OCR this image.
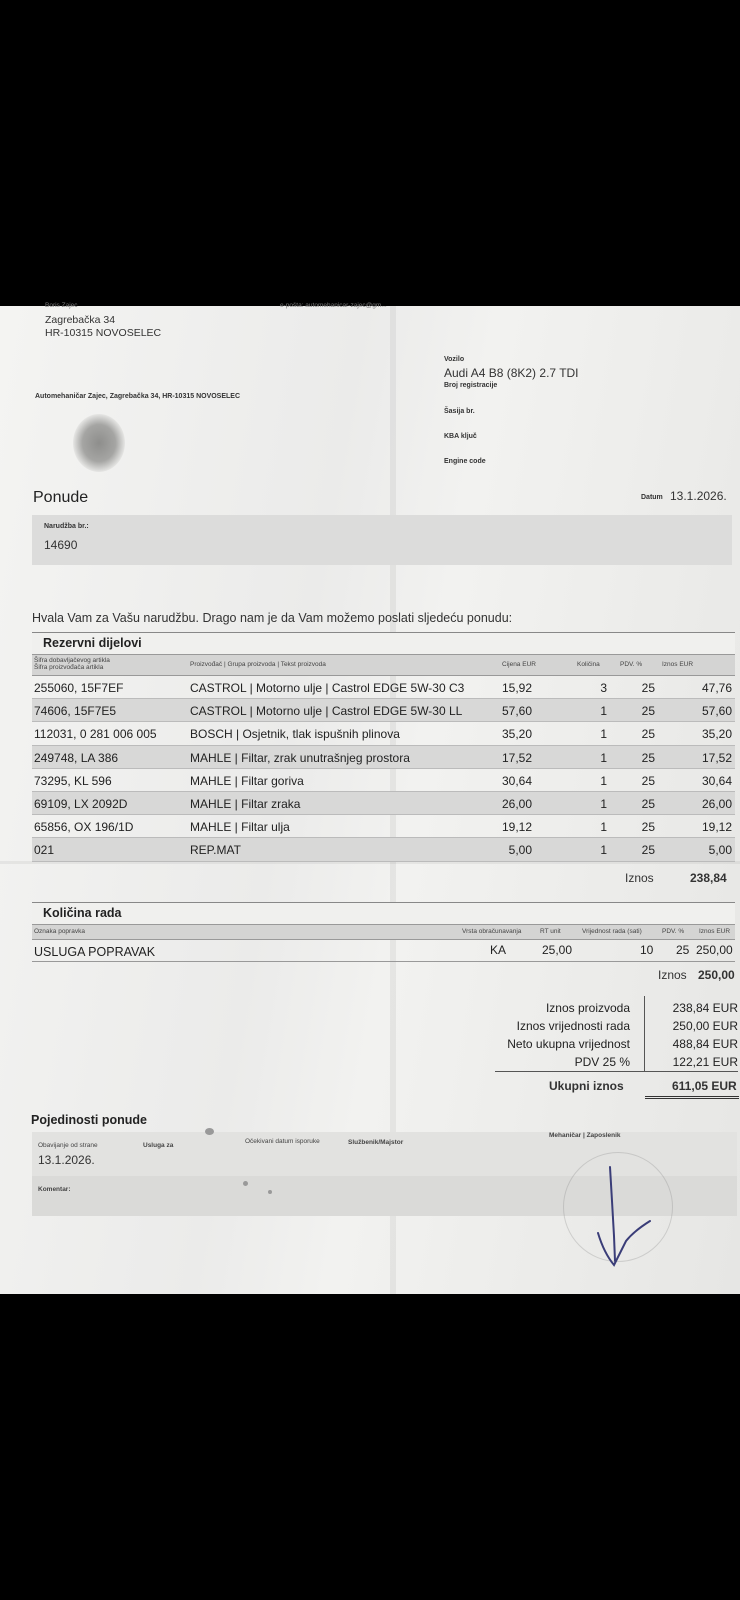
Boris Zajec
Zagrebačka 34
HR-10315 NOVOSELEC
e-pošta: automehanicar-zajec@gm...
Automehaničar Zajec, Zagrebačka 34, HR-10315 NOVOSELEC
Vozilo
Audi A4 B8 (8K2) 2.7 TDI
Broj registracije
Šasija br.
KBA ključ
Engine code
Ponude	Datum 13.1.2026.
Narudžba br.:
14690
Hvala Vam za Vašu narudžbu. Drago nam je da Vam možemo poslati sljedeću ponudu:
Rezervni dijelovi
Šifra dobavljačevog artikla
Šifra proizvođača artikla	Proizvođač | Grupa proizvoda | Tekst proizvoda	Cijena EUR	Količina	PDV. %	Iznos EUR
255060, 15F7EF	CASTROL | Motorno ulje | Castrol EDGE 5W-30 C3	15,92	3	25	47,76
74606, 15F7E5	CASTROL | Motorno ulje | Castrol EDGE 5W-30 LL	57,60	1	25	57,60
112031, 0 281 006 005	BOSCH | Osjetnik, tlak ispušnih plinova	35,20	1	25	35,20
249748, LA 386	MAHLE | Filtar, zrak unutrašnjeg prostora	17,52	1	25	17,52
73295, KL 596	MAHLE | Filtar goriva	30,64	1	25	30,64
69109, LX 2092D	MAHLE | Filtar zraka	26,00	1	25	26,00
65856, OX 196/1D	MAHLE | Filtar ulja	19,12	1	25	19,12
021	REP.MAT	5,00	1	25	5,00
Iznos	238,84
Količina rada
Oznaka popravka	Vrsta obračunavanja	RT unit	Vrijednost rada (sati)	PDV. % Iznos EUR
USLUGA POPRAVAK	KA	25,00	10 25 250,00
Iznos 250,00
Iznos proizvoda	238,84 EUR
Iznos vrijednosti rada	250,00 EUR
Neto ukupna vrijednost	488,84 EUR
PDV 25 %	122,21 EUR
Ukupni iznos	611,05 EUR
Pojedinosti ponude
Obavijanje od strane
13.1.2026.
Usluga za
Očekivani datum isporuke	Službenik/Majstor
Mehaničar | Zaposlenik
Komentar:
